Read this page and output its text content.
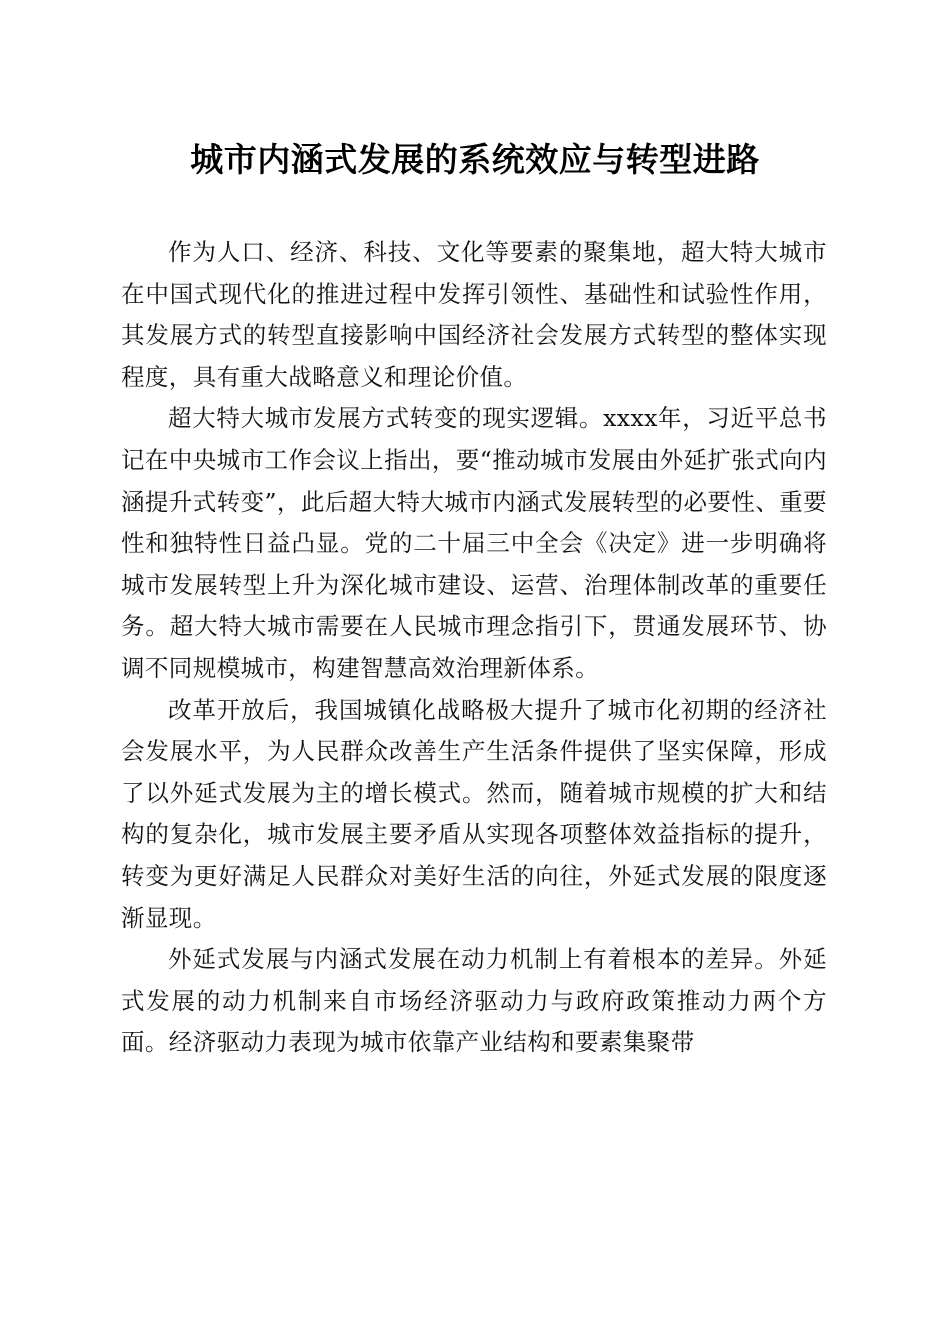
城市内涵式发展的系统效应与转型进路

作为人口、经济、科技、文化等要素的聚集地，超大特大城市在中国式现代化的推进过程中发挥引领性、基础性和试验性作用，其发展方式的转型直接影响中国经济社会发展方式转型的整体实现程度，具有重大战略意义和理论价值。

超大特大城市发展方式转变的现实逻辑。xxxx年，习近平总书记在中央城市工作会议上指出，要“推动城市发展由外延扩张式向内涵提升式转变”，此后超大特大城市内涵式发展转型的必要性、重要性和独特性日益凸显。党的二十届三中全会《决定》进一步明确将城市发展转型上升为深化城市建设、运营、治理体制改革的重要任务。超大特大城市需要在人民城市理念指引下，贯通发展环节、协调不同规模城市，构建智慧高效治理新体系。

改革开放后，我国城镇化战略极大提升了城市化初期的经济社会发展水平，为人民群众改善生产生活条件提供了坚实保障，形成了以外延式发展为主的增长模式。然而，随着城市规模的扩大和结构的复杂化，城市发展主要矛盾从实现各项整体效益指标的提升，转变为更好满足人民群众对美好生活的向往，外延式发展的限度逐渐显现。

外延式发展与内涵式发展在动力机制上有着根本的差异。外延式发展的动力机制来自市场经济驱动力与政府政策推动力两个方面。经济驱动力表现为城市依靠产业结构和要素集聚带
